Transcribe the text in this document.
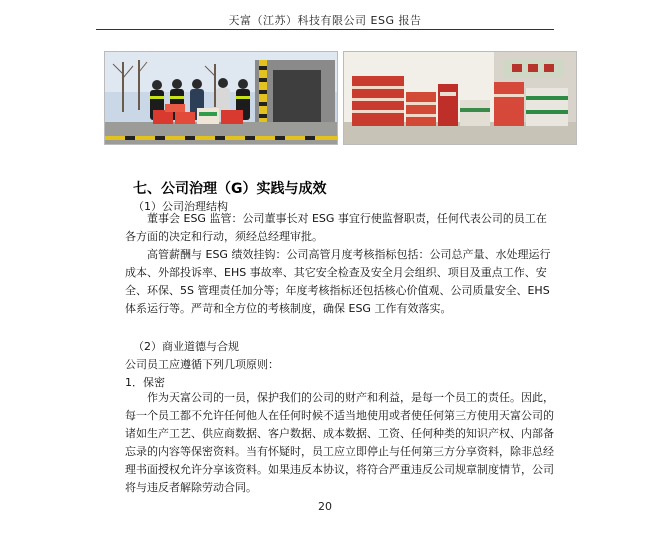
天富（江苏）科技有限公司 ESG 报告
七、公司治理（G）实践与成效
（1）公司治理结构

董事会 ESG 监管：公司董事长对 ESG 事宜行使监督职责，任何代表公司的员工在各方面的决定和行动，须经总经理审批。

高管薪酬与 ESG 绩效挂钩：公司高管月度考核指标包括：公司总产量、水处理运行成本、外部投诉率、EHS 事故率、其它安全检查及安全月会组织、项目及重点工作、安全、环保、5S 管理责任加分等；年度考核指标还包括核心价值观、公司质量安全、EHS 体系运行等。严苛和全方位的考核制度，确保 ESG 工作有效落实。

（2）商业道德与合规
公司员工应遵循下列几项原则：
1．保密

作为天富公司的一员，保护我们的公司的财产和利益，是每一个员工的责任。因此，每一个员工都不允许任何他人在任何时候不适当地使用或者使任何第三方使用天富公司的诸如生产工艺、供应商数据、客户数据、成本数据、工资、任何种类的知识产权、内部备忘录的内容等保密资料。当有怀疑时，员工应立即停止与任何第三方分享资料，除非总经理书面授权允许分享该资料。如果违反本协议，将符合严重违反公司规章制度情节，公司将与违反者解除劳动合同。

20
